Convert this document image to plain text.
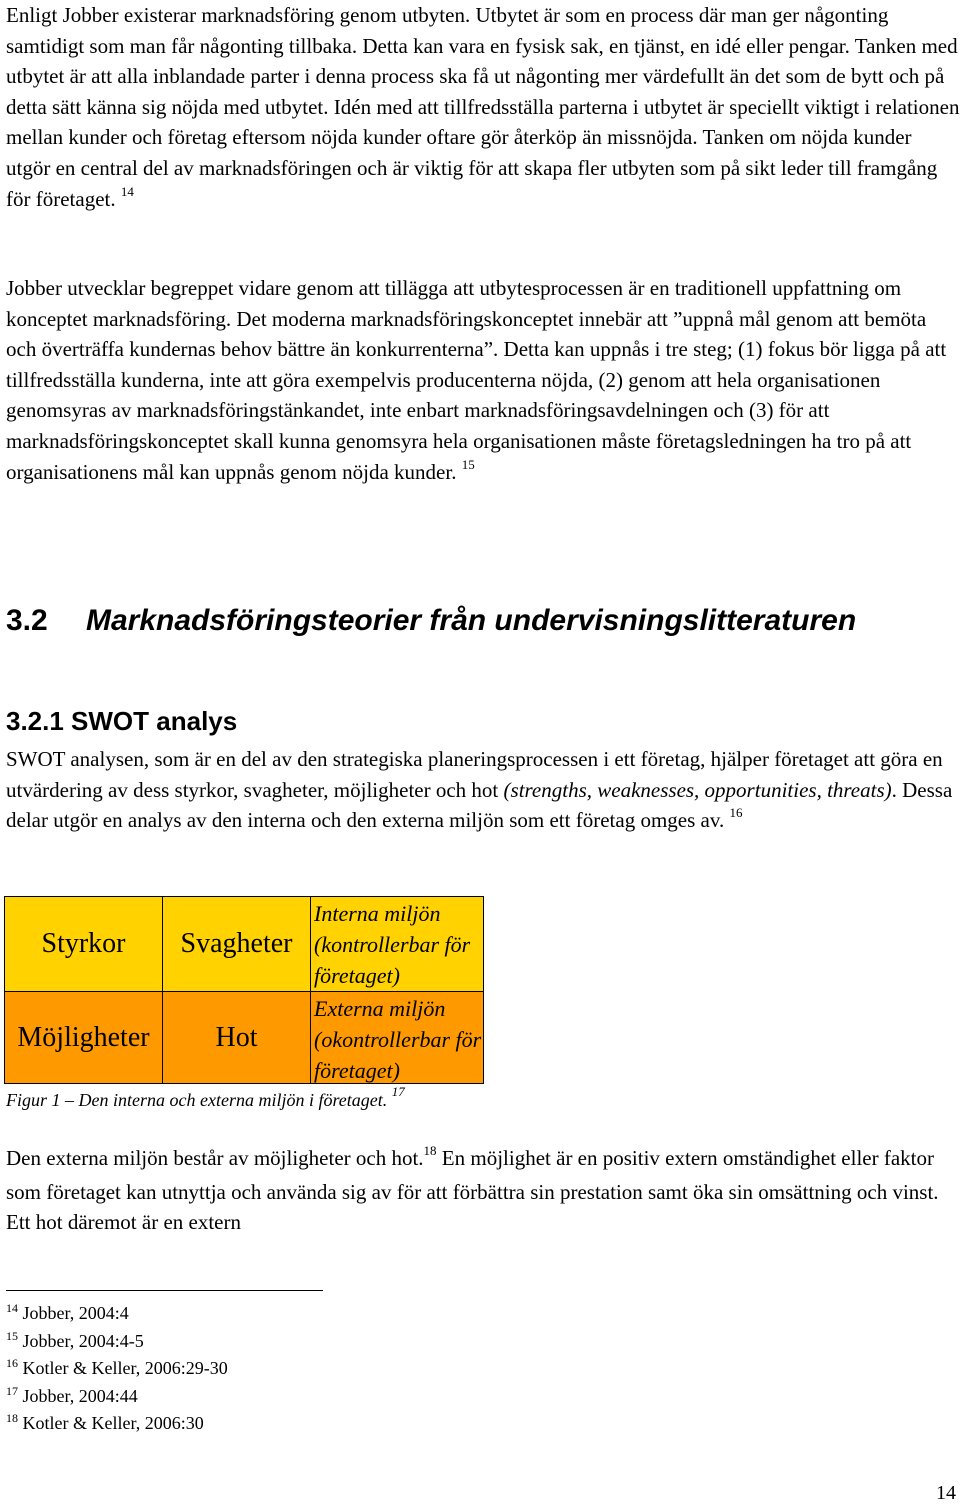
Enligt Jobber existerar marknadsföring genom utbyten. Utbytet är som en process där man ger någonting samtidigt som man får någonting tillbaka. Detta kan vara en fysisk sak, en tjänst, en idé eller pengar. Tanken med utbytet är att alla inblandade parter i denna process ska få ut någonting mer värdefullt än det som de bytt och på detta sätt känna sig nöjda med utbytet. Idén med att tillfredsställa parterna i utbytet är speciellt viktigt i relationen mellan kunder och företag eftersom nöjda kunder oftare gör återköp än missnöjda. Tanken om nöjda kunder utgör en central del av marknadsföringen och är viktig för att skapa fler utbyten som på sikt leder till framgång för företaget. $^{14}$

Jobber utvecklar begreppet vidare genom att tillägga att utbytesprocessen är en traditionell uppfattning om konceptet marknadsföring. Det moderna marknadsföringskonceptet innebär att ”uppnå mål genom att bemöta och överträffa kundernas behov bättre än konkurrenterna”. Detta kan uppnås i tre steg; (1) fokus bör ligga på att tillfredsställa kunderna, inte att göra exempelvis producenterna nöjda, (2) genom att hela organisationen genomsyras av marknadsföringstänkandet, inte enbart marknadsföringsavdelningen och (3) för att marknadsföringskonceptet skall kunna genomsyra hela organisationen måste företagsledningen ha tro på att organisationens mål kan uppnås genom nöjda kunder. $^{15}$

3.2 Marknadsföringsteorier från undervisningslitteraturen
3.2.1 SWOT analys

SWOT analysen, som är en del av den strategiska planeringsprocessen i ett företag, hjälper företaget att göra en utvärdering av dess styrkor, svagheter, möjligheter och hot (strengths, weaknesses, opportunities, threats). Dessa delar utgör en analys av den interna och den externa miljön som ett företag omges av. $^{16}$

Styrkor	Svagheter
Interna miljön (kontrollerbar för företaget)
Möjligheter	Hot
Externa miljön (okontrollerbar för företaget)
Figur 1 – Den interna och externa miljön i företaget. $^{17}$

Den externa miljön består av möjligheter och hot.$^{18}$ En möjlighet är en positiv extern omständighet eller faktor som företaget kan utnyttja och använda sig av för att förbättra sin prestation samt öka sin omsättning och vinst. Ett hot däremot är en extern

$^{14}$ Jobber, 2004:4
$^{15}$ Jobber, 2004:4-5
$^{16}$ Kotler & Keller, 2006:29-30
$^{17}$ Jobber, 2004:44
$^{18}$ Kotler & Keller, 2006:30
14
